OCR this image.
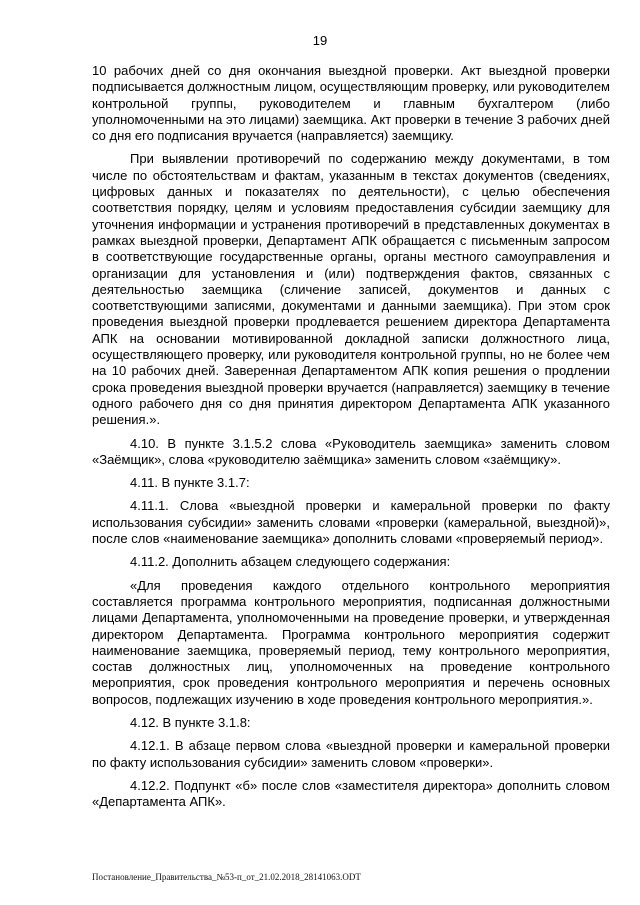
19

10 рабочих дней со дня окончания выездной проверки. Акт выездной проверки подписывается должностным лицом, осуществляющим проверку, или руководителем контрольной группы, руководителем и главным бухгалтером (либо уполномоченными на это лицами) заемщика. Акт проверки в течение 3 рабочих дней со дня его подписания вручается (направляется) заемщику.

При выявлении противоречий по содержанию между документами, в том числе по обстоятельствам и фактам, указанным в текстах документов (сведениях, цифровых данных и показателях по деятельности), с целью обеспечения соответствия порядку, целям и условиям предоставления субсидии заемщику для уточнения информации и устранения противоречий в представленных документах в рамках выездной проверки, Департамент АПК обращается с письменным запросом в соответствующие государственные органы, органы местного самоуправления и организации для установления и (или) подтверждения фактов, связанных с деятельностью заемщика (сличение записей, документов и данных с соответствующими записями, документами и данными заемщика). При этом срок проведения выездной проверки продлевается решением директора Департамента АПК на основании мотивированной докладной записки должностного лица, осуществляющего проверку, или руководителя контрольной группы, но не более чем на 10 рабочих дней. Заверенная Департаментом АПК копия решения о продлении срока проведения выездной проверки вручается (направляется) заемщику в течение одного рабочего дня со дня принятия директором Департамента АПК указанного решения.».

4.10. В пункте 3.1.5.2 слова «Руководитель заемщика» заменить словом «Заёмщик», слова «руководителю заёмщика» заменить словом «заёмщику».

4.11. В пункте 3.1.7:

4.11.1. Слова «выездной проверки и камеральной проверки по факту использования субсидии» заменить словами «проверки (камеральной, выездной)», после слов «наименование заемщика» дополнить словами «проверяемый период».

4.11.2. Дополнить абзацем следующего содержания:

«Для проведения каждого отдельного контрольного мероприятия составляется программа контрольного мероприятия, подписанная должностными лицами Департамента, уполномоченными на проведение проверки, и утвержденная директором Департамента. Программа контрольного мероприятия содержит наименование заемщика, проверяемый период, тему контрольного мероприятия, состав должностных лиц, уполномоченных на проведение контрольного мероприятия, срок проведения контрольного мероприятия и перечень основных вопросов, подлежащих изучению в ходе проведения контрольного мероприятия.».

4.12. В пункте 3.1.8:

4.12.1. В абзаце первом слова «выездной проверки и камеральной проверки по факту использования субсидии» заменить словом «проверки».

4.12.2. Подпункт «б» после слов «заместителя директора» дополнить словом «Департамента АПК».

Постановление_Правительства_№53-п_от_21.02.2018_28141063.ODT
